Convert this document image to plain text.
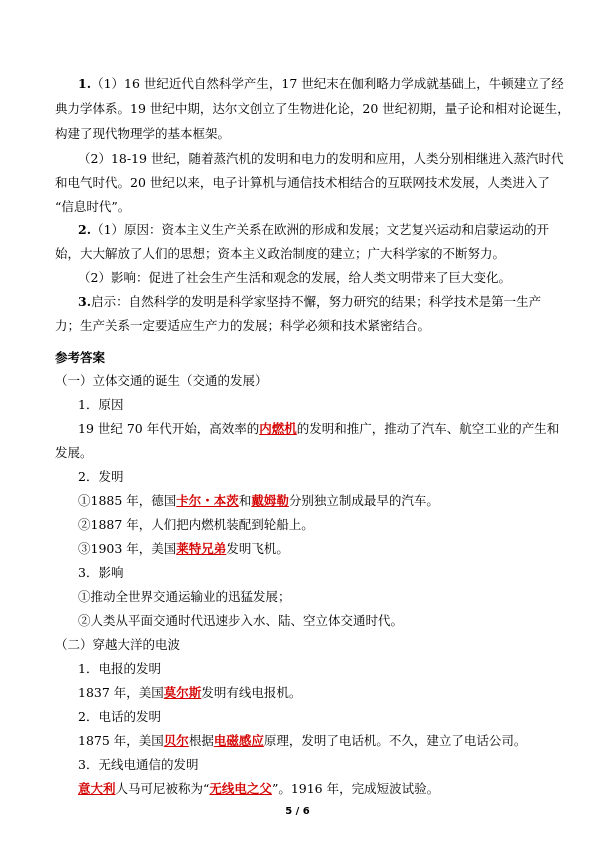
1.（1）16 世纪近代自然科学产生，17 世纪末在伽利略力学成就基础上，牛顿建立了经
典力学体系。19 世纪中期，达尔文创立了生物进化论，20 世纪初期，量子论和相对论诞生，
构建了现代物理学的基本框架。
（2）18-19 世纪，随着蒸汽机的发明和电力的发明和应用，人类分别相继进入蒸汽时代
和电气时代。20 世纪以来，电子计算机与通信技术相结合的互联网技术发展，人类进入了
“信息时代”。
2.（1）原因：资本主义生产关系在欧洲的形成和发展；文艺复兴运动和启蒙运动的开
始，大大解放了人们的思想；资本主义政治制度的建立；广大科学家的不断努力。
（2）影响：促进了社会生产生活和观念的发展，给人类文明带来了巨大变化。
3.启示：自然科学的发明是科学家坚持不懈，努力研究的结果；科学技术是第一生产
力；生产关系一定要适应生产力的发展；科学必须和技术紧密结合。
参考答案
（一）立体交通的诞生（交通的发展）
1．原因
19 世纪 70 年代开始，高效率的内燃机的发明和推广，推动了汽车、航空工业的产生和
发展。
2．发明
①1885 年，德国卡尔・本茨和戴姆勒分别独立制成最早的汽车。
②1887 年，人们把内燃机装配到轮船上。
③1903 年，美国莱特兄弟发明飞机。
3．影响
①推动全世界交通运输业的迅猛发展；
②人类从平面交通时代迅速步入水、陆、空立体交通时代。
（二）穿越大洋的电波
1．电报的发明
1837 年，美国莫尔斯发明有线电报机。
2．电话的发明
1875 年，美国贝尔根据电磁感应原理，发明了电话机。不久，建立了电话公司。
3．无线电通信的发明
意大利人马可尼被称为“无线电之父”。1916 年，完成短波试验。
5 / 6
